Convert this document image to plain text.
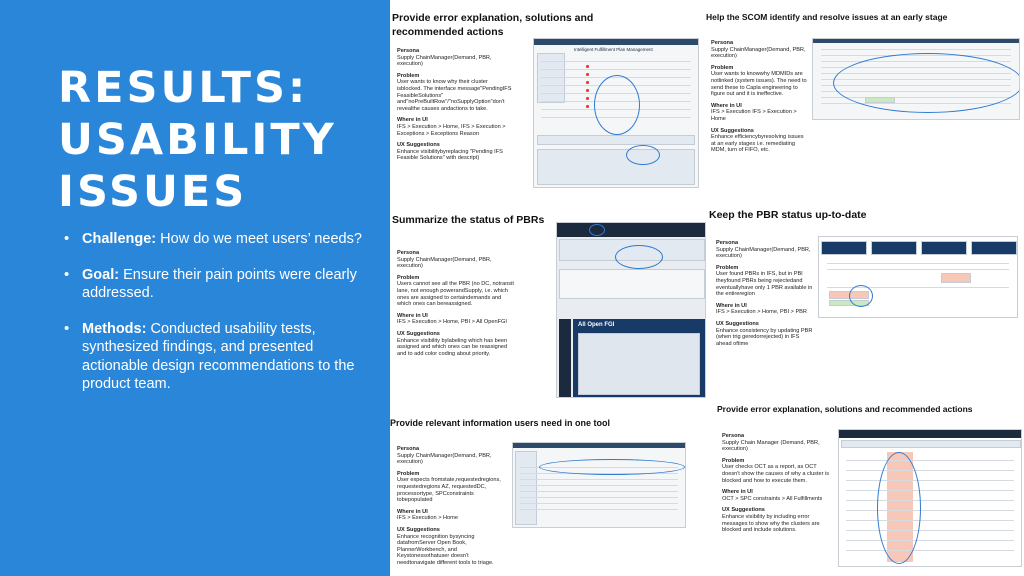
RESULTS:
USABILITY
ISSUES
• Challenge: How do we meet users’ needs?
• Goal: Ensure their pain points were clearly addressed.
• Methods: Conducted usability tests, synthesized findings, and presented actionable design recommendations to the product team.
Provide error explanation, solutions and recommended actions
Persona
Supply ChainManager(Demand, PBR, execution)
Problem
User wants to know why their cluster isblocked. The interface message"PendingIFS FeasibleSolutions" and"noPreBuiltRow"/"noSupplyOption"don't revealthe causes andactions to take.
Where in UI
IFS > Execution > Home, IFS > Execution > Exceptions > Exceptions Reason
UX Suggestions
Enhance visibilitybyreplacing "Pending IFS Feasible Solutions" with descript)
Intelligent Fulfillment Plan Management
Help the SCOM identify and resolve issues at an early stage
Persona
Supply ChainManager(Demand, PBR, execution)
Problem
User wants to knowwhy MDMIDs are notlinked (system issues). The need to send these to Capla engineering to figure out and it is ineffective.
Where in UI
IFS > Execution IFS > Execution > Home
UX Suggestions
Enhance efficiencybyresolving issues at an early stages i.e. remediating MDM, turn of FIFO, etc.
Summarize the status of PBRs
Persona
Supply ChainManager(Demand, PBR, execution)
Problem
Users cannot see all the PBR (no DC, notransit lane, not enough powerandSupply, i.e. which ones are assigned to certaindemands and which ones can bereassigned.
Where in UI
IFS > Execution > Home, PBI > All OpenFGI
UX Suggestions
Enhance visibility bylabeling which has been assigned and which ones can be reassigned and to add color coding about priority.
All Open FGI
Keep the PBR status up-to-date
Persona
Supply ChainManager(Demand, PBR, execution)
Problem
User found PBRs in IFS, but in PBI theyfound PBRs being rejectedand eventuallyhave only 1 PBR available in the entireregion
Where in UI
IFS > Execution > Home, PBI > PBR
UX Suggestions
Enhance consistency by updating PBR (when trig geredorrejected) in IFS ahead oftime
Provide relevant information users need in one tool
Persona
Supply ChainManager(Demand, PBR, execution)
Problem
User expects fromstate,requestedregions, requestedregions AZ, requestedDC, processortype, SPCconstraints tobepopulated
Where in UI
IFS > Execution > Home
UX Suggestions
Enhance recognition bysyncing datafromServer Open Book, PlannerWorkbench, and Keystonessothatuser doesn't needtonavigate different tools to triage.
Provide error explanation, solutions and recommended actions
Persona
Supply Chain Manager (Demand, PBR, execution)
Problem
User checks OCT as a report, as OCT doesn't show the causes of why a cluster is blocked and how to execute them.
Where in UI
OCT > SPC constraints > All Fulfillments
UX Suggestions
Enhance visibility by including error messages to show why the clusters are blocked and include solutions.
